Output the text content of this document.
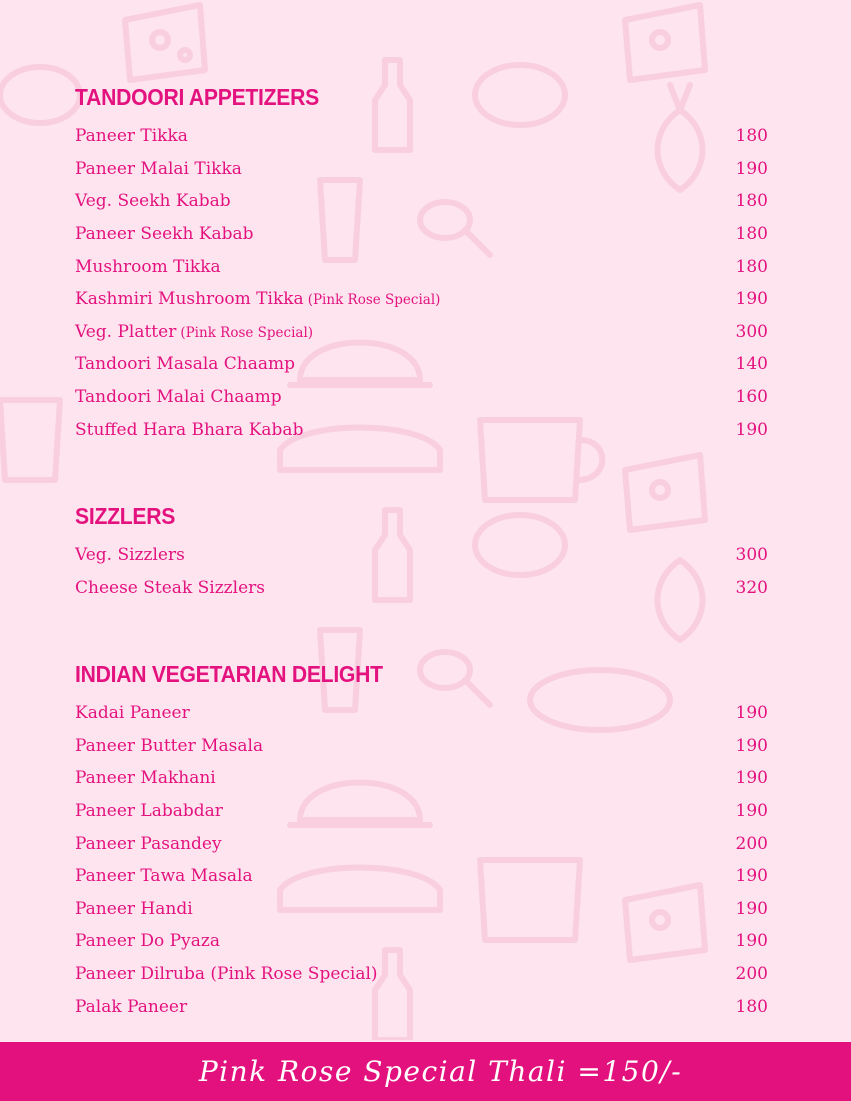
TANDOORI APPETIZERS
Paneer Tikka	180
Paneer Malai Tikka	190
Veg. Seekh Kabab	180
Paneer Seekh Kabab	180
Mushroom Tikka	180
Kashmiri Mushroom Tikka (Pink Rose Special)	190
Veg. Platter (Pink Rose Special)	300
Tandoori Masala Chaamp	140
Tandoori Malai Chaamp	160
Stuffed Hara Bhara Kabab	190
SIZZLERS
Veg. Sizzlers	300
Cheese Steak Sizzlers	320
INDIAN VEGETARIAN DELIGHT
Kadai Paneer	190
Paneer Butter Masala	190
Paneer Makhani	190
Paneer Lababdar	190
Paneer Pasandey	200
Paneer Tawa Masala	190
Paneer Handi	190
Paneer Do Pyaza	190
Paneer Dilruba (Pink Rose Special)	200
Palak Paneer	180
Pink Rose Special Thali =150/-
